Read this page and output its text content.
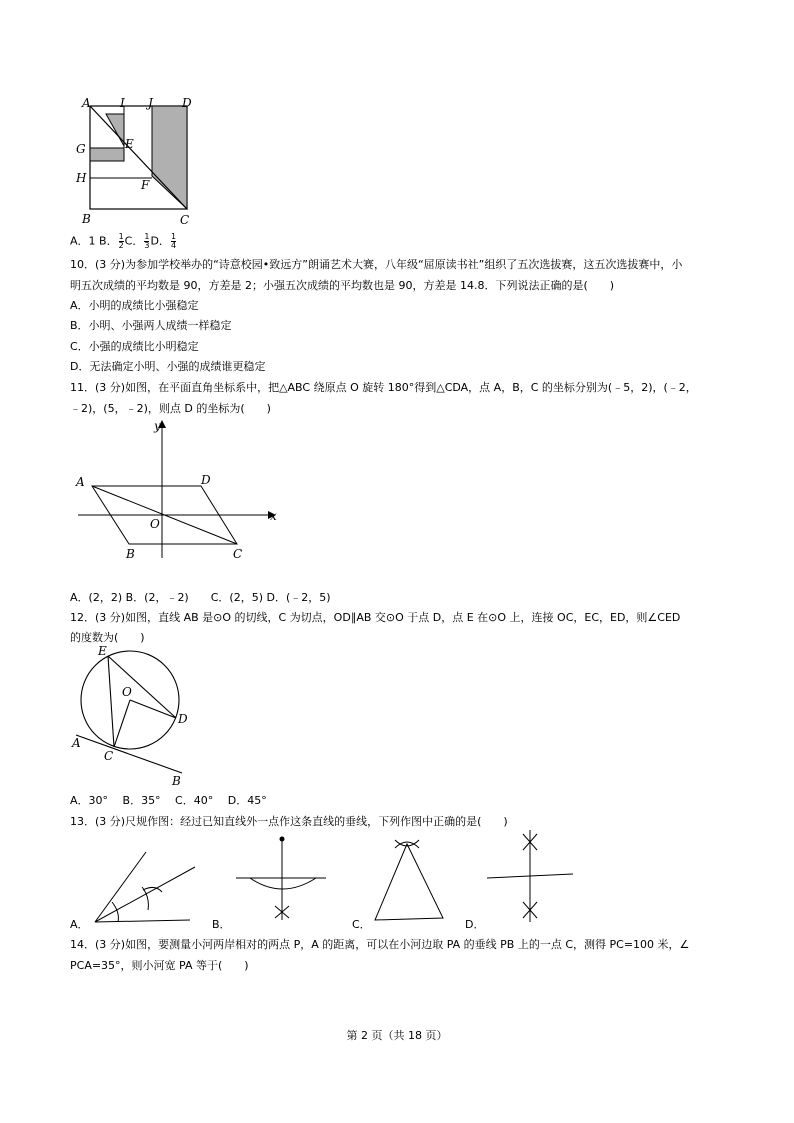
A I J D
G	E
H	F
B	C
A．1 B． $\frac{1}{2}$ C． $\frac{1}{3}$ D． $\frac{1}{4}$
10．(3 分)为参加学校举办的“诗意校园•致远方”朗诵艺术大赛，八年级“屈原读书社”组织了五次选拔赛，这五次选拔赛中，小
明五次成绩的平均数是 90，方差是 2；小强五次成绩的平均数也是 90，方差是 14.8．下列说法正确的是(　　)
A．小明的成绩比小强稳定
B．小明、小强两人成绩一样稳定
C．小强的成绩比小明稳定
D．无法确定小明、小强的成绩谁更稳定
11．(3 分)如图，在平面直角坐标系中，把△ABC 绕原点 O 旋转 180°得到△CDA，点 A，B，C 的坐标分别为(﹣5，2)，(﹣2，
﹣2)，(5，﹣2)，则点 D 的坐标为(　　)
y
x
A	D
O
B	C
A．(2，2) B．(2，﹣2)　　C．(2，5) D．(﹣2，5)
12．(3 分)如图，直线 AB 是⊙O 的切线，C 为切点，OD∥AB 交⊙O 于点 D，点 E 在⊙O 上，连接 OC，EC，ED，则∠CED
的度数为(　　)
E
O
D
A
C
B
A．30°　 B．35°　 C．40°　 D．45°
13．(3 分)尺规作图：经过已知直线外一点作这条直线的垂线，下列作图中正确的是(　　)
A．	B．	C．	D．
14．(3 分)如图，要测量小河两岸相对的两点 P，A 的距离，可以在小河边取 PA 的垂线 PB 上的一点 C，测得 PC=100 米，∠
PCA=35°，则小河宽 PA 等于(　　)
第 2 页（共 18 页）
